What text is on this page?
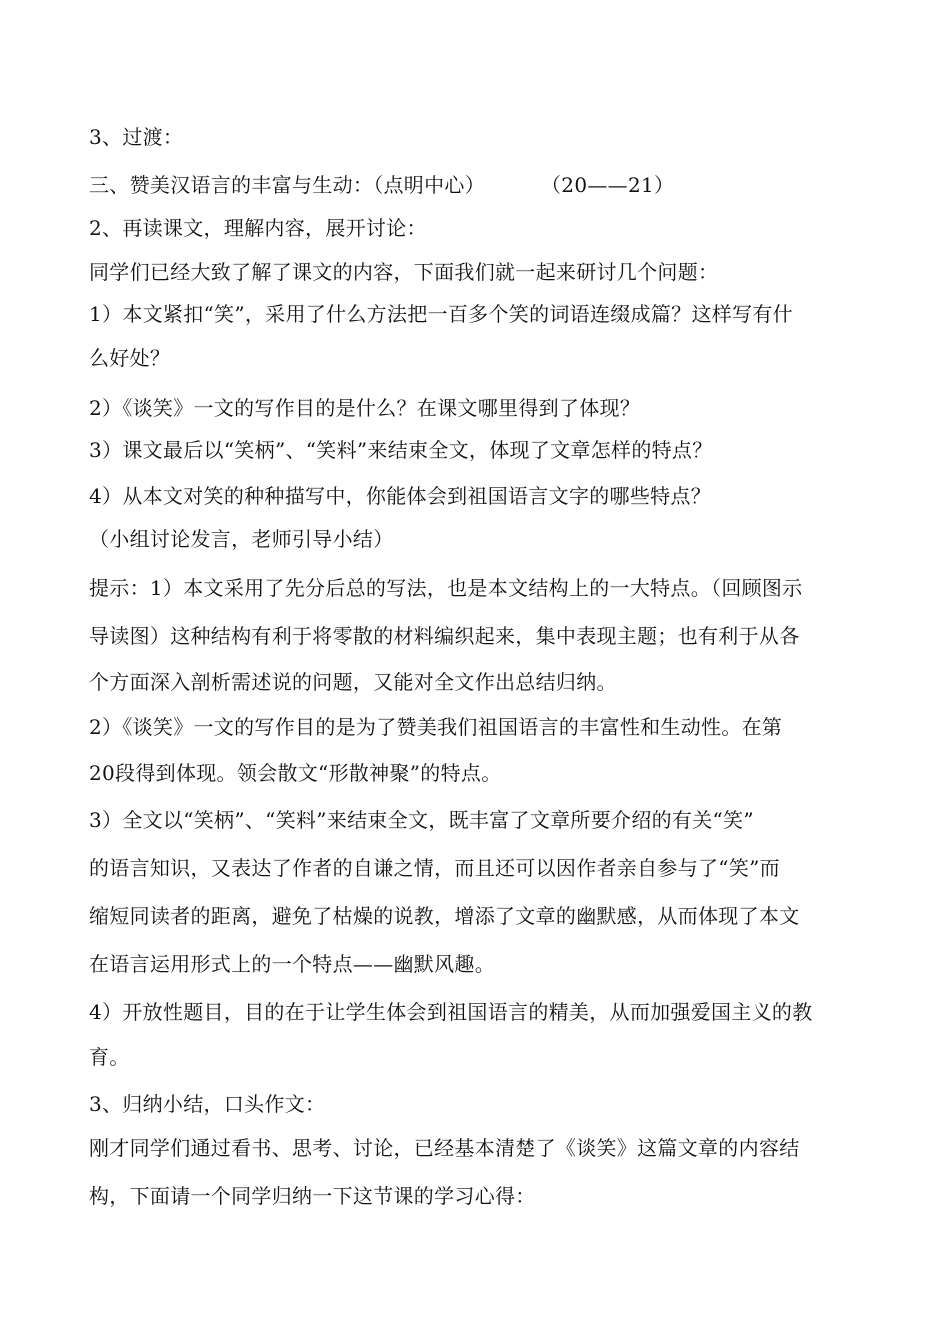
3、过渡：
三、赞美汉语言的丰富与生动：（点明中心）	（20——21）
2、再读课文，理解内容，展开讨论：
同学们已经大致了解了课文的内容，下面我们就一起来研讨几个问题：
1）本文紧扣“笑”，采用了什么方法把一百多个笑的词语连缀成篇？这样写有什
么好处？
2）《谈笑》一文的写作目的是什么？在课文哪里得到了体现？
3）课文最后以“笑柄”、“笑料”来结束全文，体现了文章怎样的特点？
4）从本文对笑的种种描写中，你能体会到祖国语言文字的哪些特点？
（小组讨论发言，老师引导小结）
提示：1）本文采用了先分后总的写法，也是本文结构上的一大特点。（回顾图示
导读图）这种结构有利于将零散的材料编织起来，集中表现主题；也有利于从各
个方面深入剖析需述说的问题，又能对全文作出总结归纳。
2）《谈笑》一文的写作目的是为了赞美我们祖国语言的丰富性和生动性。在第
20段得到体现。领会散文“形散神聚”的特点。
3）全文以“笑柄”、“笑料”来结束全文，既丰富了文章所要介绍的有关“笑”
的语言知识，又表达了作者的自谦之情，而且还可以因作者亲自参与了“笑”而
缩短同读者的距离，避免了枯燥的说教，增添了文章的幽默感，从而体现了本文
在语言运用形式上的一个特点——幽默风趣。
4）开放性题目，目的在于让学生体会到祖国语言的精美，从而加强爱国主义的教
育。
3、归纳小结，口头作文：
刚才同学们通过看书、思考、讨论，已经基本清楚了《谈笑》这篇文章的内容结
构，下面请一个同学归纳一下这节课的学习心得：
